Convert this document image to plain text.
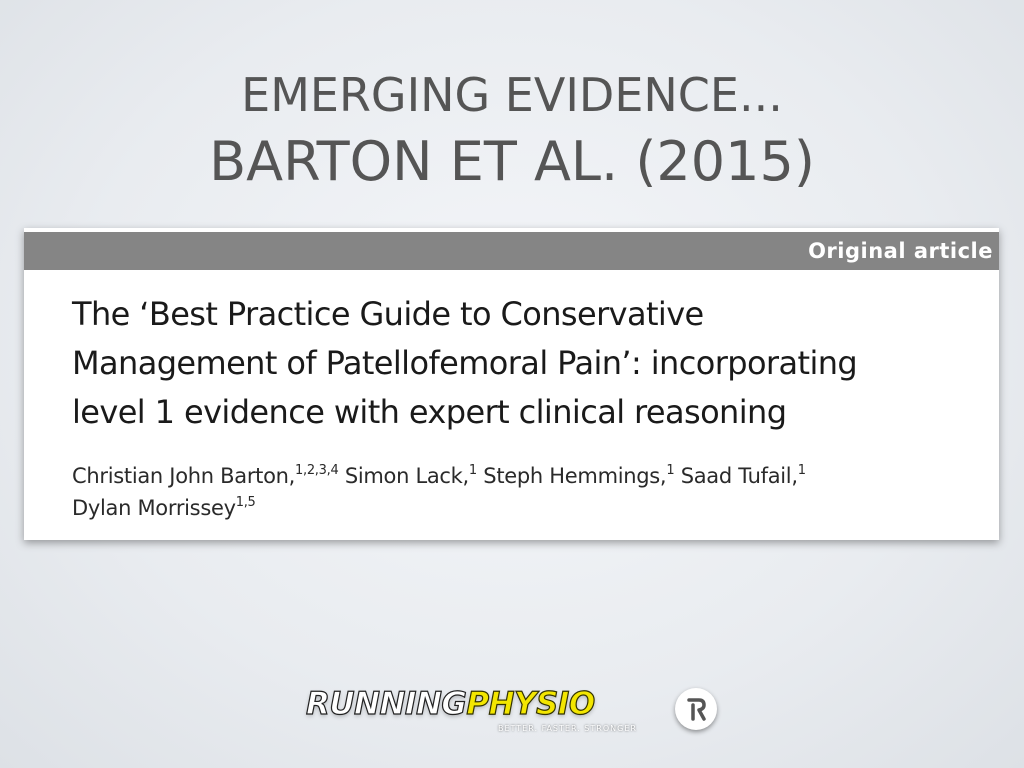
EMERGING EVIDENCE...
BARTON ET AL. (2015)
Original article
The ‘Best Practice Guide to Conservative
Management of Patellofemoral Pain’: incorporating
level 1 evidence with expert clinical reasoning
Christian John Barton,$^{1,2,3,4}$ Simon Lack,$^1$ Steph Hemmings,$^1$ Saad Tufail,$^1$
Dylan Morrissey$^{1,5}$
RUNNINGPHYSIO
BETTER. FASTER. STRONGER
